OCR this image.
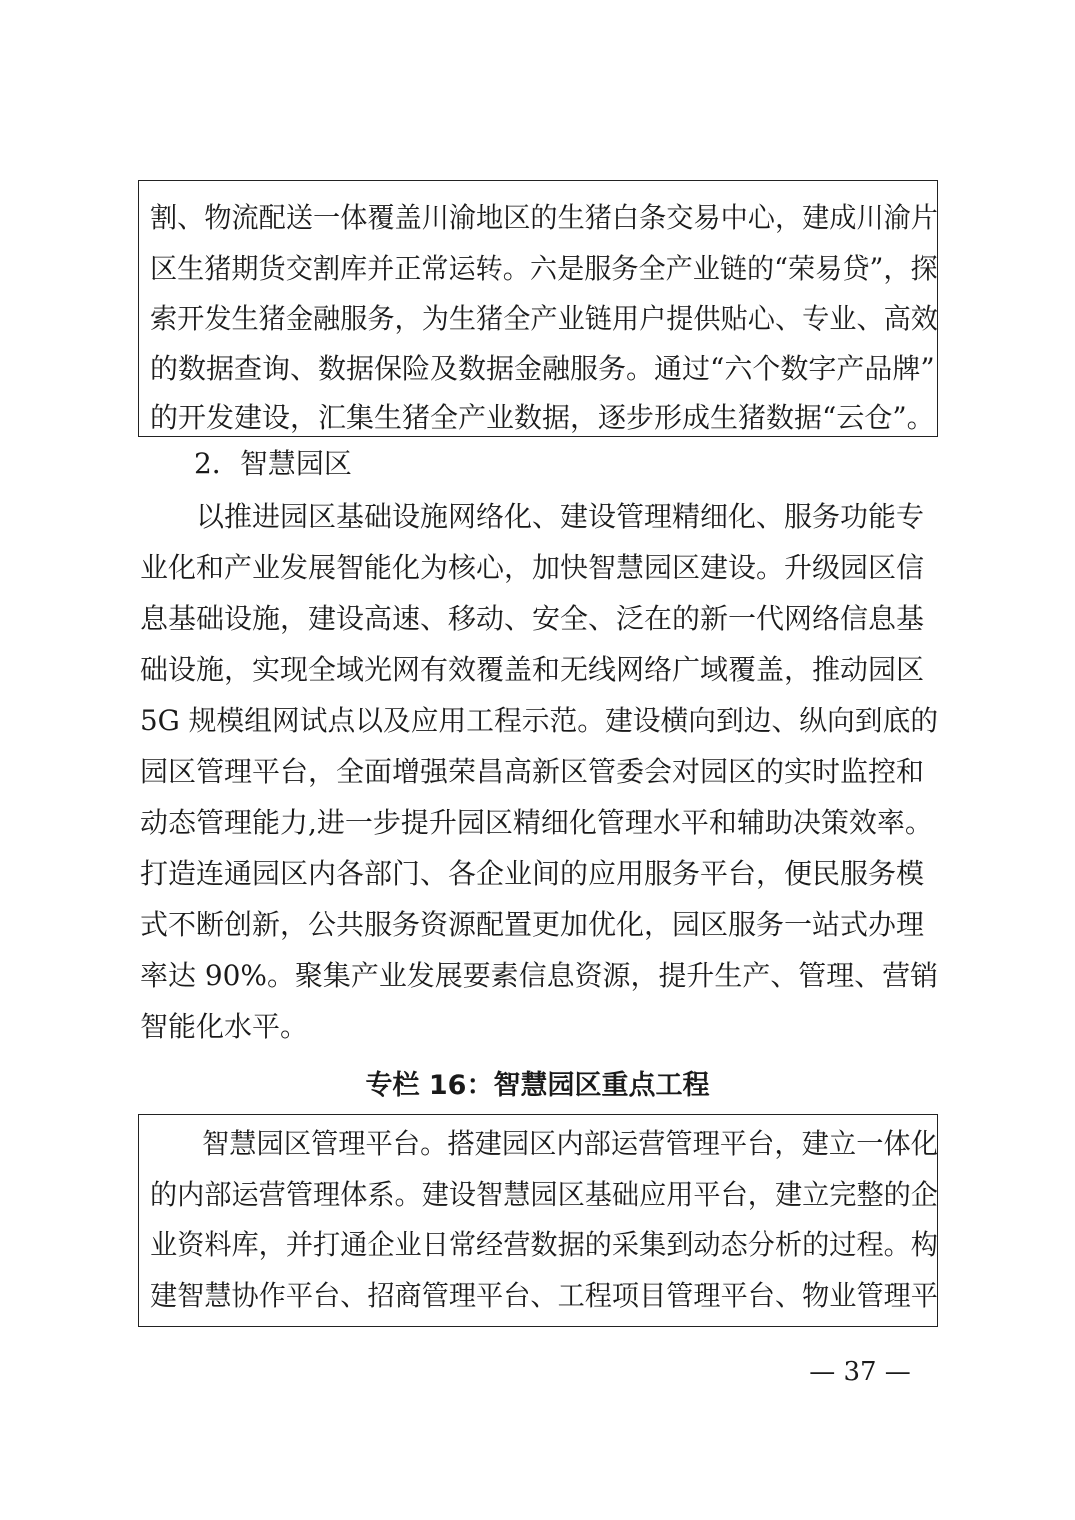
割、物流配送一体覆盖川渝地区的生猪白条交易中心，建成川渝片
区生猪期货交割库并正常运转。六是服务全产业链的“荣易贷”，探
索开发生猪金融服务，为生猪全产业链用户提供贴心、专业、高效
的数据查询、数据保险及数据金融服务。通过“六个数字产品牌”
的开发建设，汇集生猪全产业数据，逐步形成生猪数据“云仓”。
2．智慧园区
以推进园区基础设施网络化、建设管理精细化、服务功能专
业化和产业发展智能化为核心，加快智慧园区建设。升级园区信
息基础设施，建设高速、移动、安全、泛在的新一代网络信息基
础设施，实现全域光网有效覆盖和无线网络广域覆盖，推动园区
5G 规模组网试点以及应用工程示范。建设横向到边、纵向到底的
园区管理平台，全面增强荣昌高新区管委会对园区的实时监控和
动态管理能力,进一步提升园区精细化管理水平和辅助决策效率。
打造连通园区内各部门、各企业间的应用服务平台，便民服务模
式不断创新，公共服务资源配置更加优化，园区服务一站式办理
率达 90%。聚集产业发展要素信息资源，提升生产、管理、营销
智能化水平。
专栏 16：智慧园区重点工程
智慧园区管理平台。搭建园区内部运营管理平台，建立一体化
的内部运营管理体系。建设智慧园区基础应用平台，建立完整的企
业资料库，并打通企业日常经营数据的采集到动态分析的过程。构
建智慧协作平台、招商管理平台、工程项目管理平台、物业管理平
— 37 —
